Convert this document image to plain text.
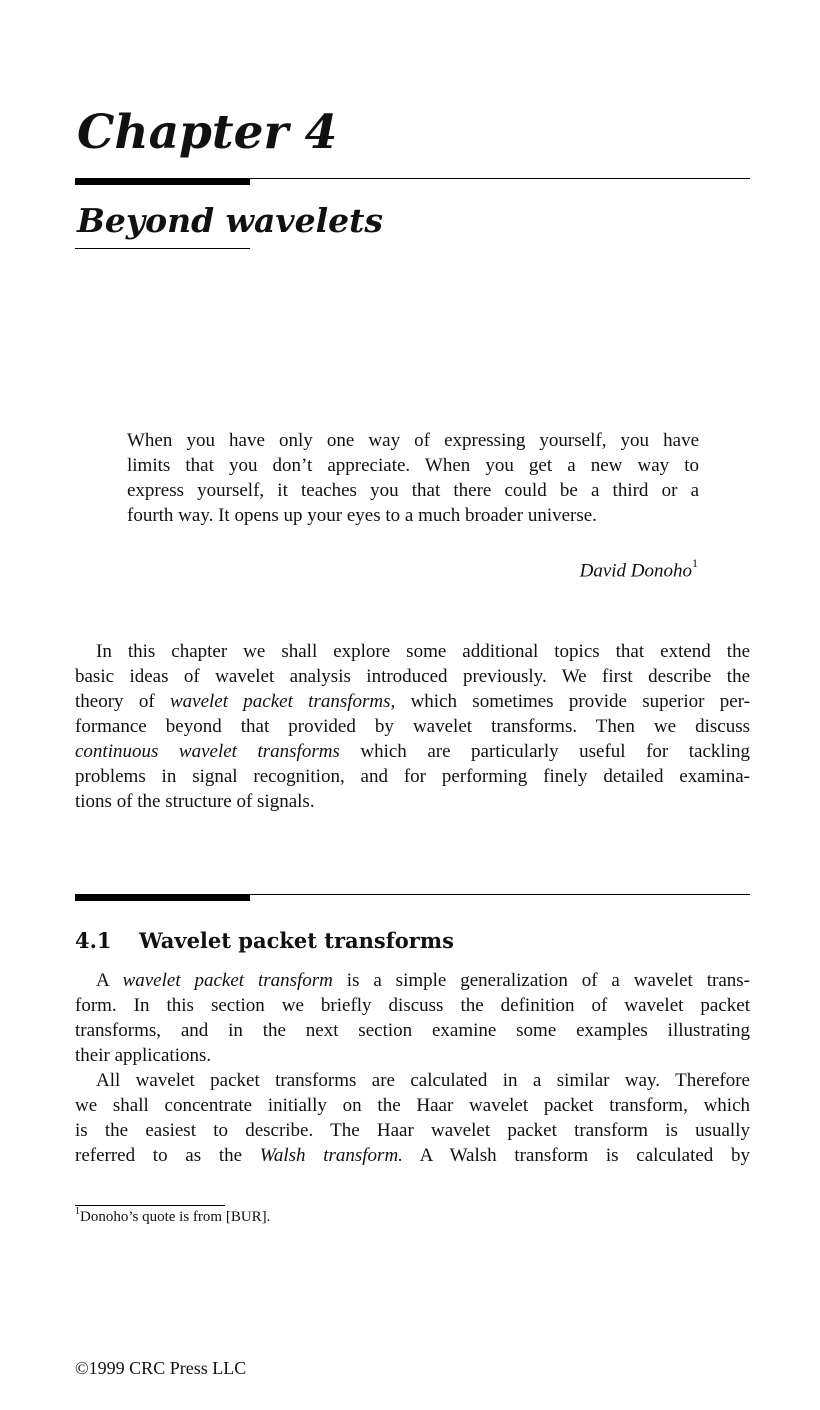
Chapter 4
Beyond wavelets
When you have only one way of expressing yourself, you have
limits that you don’t appreciate. When you get a new way to
express yourself, it teaches you that there could be a third or a
fourth way. It opens up your eyes to a much broader universe.
David Donoho$^1$
In this chapter we shall explore some additional topics that extend the
basic ideas of wavelet analysis introduced previously. We first describe the
theory of wavelet packet transforms, which sometimes provide superior per-
formance beyond that provided by wavelet transforms. Then we discuss
continuous wavelet transforms which are particularly useful for tackling
problems in signal recognition, and for performing finely detailed examina-
tions of the structure of signals.
4.1 Wavelet packet transforms
A wavelet packet transform is a simple generalization of a wavelet trans-
form. In this section we briefly discuss the definition of wavelet packet
transforms, and in the next section examine some examples illustrating
their applications.
All wavelet packet transforms are calculated in a similar way. Therefore
we shall concentrate initially on the Haar wavelet packet transform, which
is the easiest to describe. The Haar wavelet packet transform is usually
referred to as the Walsh transform. A Walsh transform is calculated by
$^1$Donoho’s quote is from [BUR].
©1999 CRC Press LLC
